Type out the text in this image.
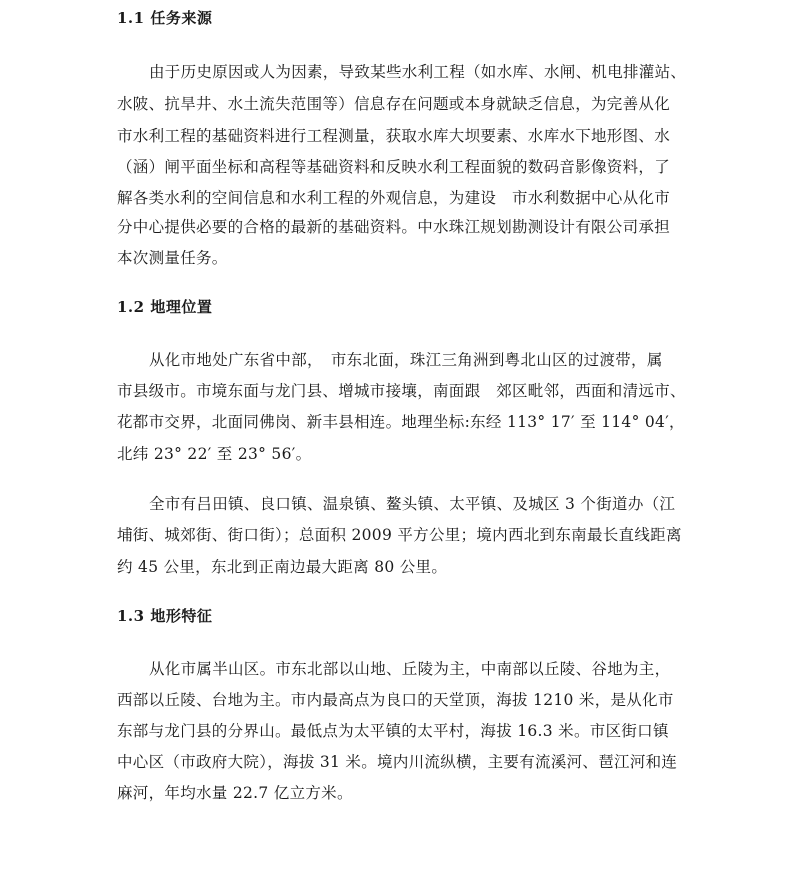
1.1 任务来源
由于历史原因或人为因素，导致某些水利工程（如水库、水闸、机电排灌站、
水陂、抗旱井、水土流失范围等）信息存在问题或本身就缺乏信息，为完善从化
市水利工程的基础资料进行工程测量，获取水库大坝要素、水库水下地形图、水
（涵）闸平面坐标和高程等基础资料和反映水利工程面貌的数码音影像资料，了
解各类水利的空间信息和水利工程的外观信息，为建设　市水利数据中心从化市
分中心提供必要的合格的最新的基础资料。中水珠江规划勘测设计有限公司承担
本次测量任务。
1.2 地理位置
从化市地处广东省中部，　市东北面，珠江三角洲到粤北山区的过渡带，属
市县级市。市境东面与龙门县、增城市接壤，南面跟　郊区毗邻，西面和清远市、
花都市交界，北面同佛岗、新丰县相连。地理坐标:东经 113° 17′ 至 114° 04′，
北纬 23° 22′ 至 23° 56′。
全市有吕田镇、良口镇、温泉镇、鳌头镇、太平镇、及城区 3 个街道办（江
埔街、城郊街、街口街）；总面积 2009 平方公里；境内西北到东南最长直线距离
约 45 公里，东北到正南边最大距离 80 公里。
1.3 地形特征
从化市属半山区。市东北部以山地、丘陵为主，中南部以丘陵、谷地为主，
西部以丘陵、台地为主。市内最高点为良口的天堂顶，海拔 1210 米，是从化市
东部与龙门县的分界山。最低点为太平镇的太平村，海拔 16.3 米。市区街口镇
中心区（市政府大院），海拔 31 米。境内川流纵横，主要有流溪河、琶江河和连
麻河，年均水量 22.7 亿立方米。
